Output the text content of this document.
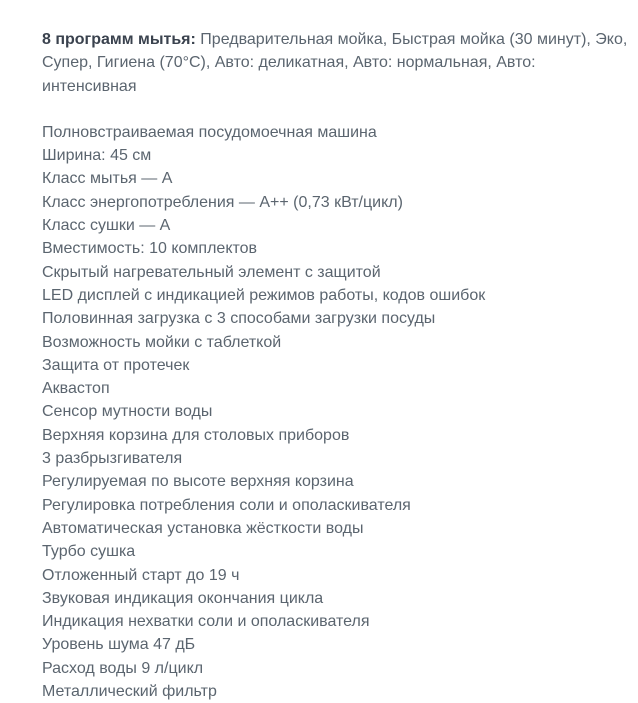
8 программ мытья: Предварительная мойка, Быстрая мойка (30 минут), Эко, Супер, Гигиена (70°С), Авто: деликатная, Авто: нормальная, Авто: интенсивная

Полновстраиваемая посудомоечная машина
Ширина: 45 см
Класс мытья — А
Класс энергопотребления — А++ (0,73 кВт/цикл)
Класс сушки — А
Вместимость: 10 комплектов
Скрытый нагревательный элемент с защитой
LED дисплей с индикацией режимов работы, кодов ошибок
Половинная загрузка с 3 способами загрузки посуды
Возможность мойки с таблеткой
Защита от протечек
Аквастоп
Сенсор мутности воды
Верхняя корзина для столовых приборов
3 разбрызгивателя
Регулируемая по высоте верхняя корзина
Регулировка потребления соли и ополаскивателя
Автоматическая установка жёсткости воды
Турбо сушка
Отложенный старт до 19 ч
Звуковая индикация окончания цикла
Индикация нехватки соли и ополаскивателя
Уровень шума 47 дБ
Расход воды 9 л/цикл
Металлический фильтр
